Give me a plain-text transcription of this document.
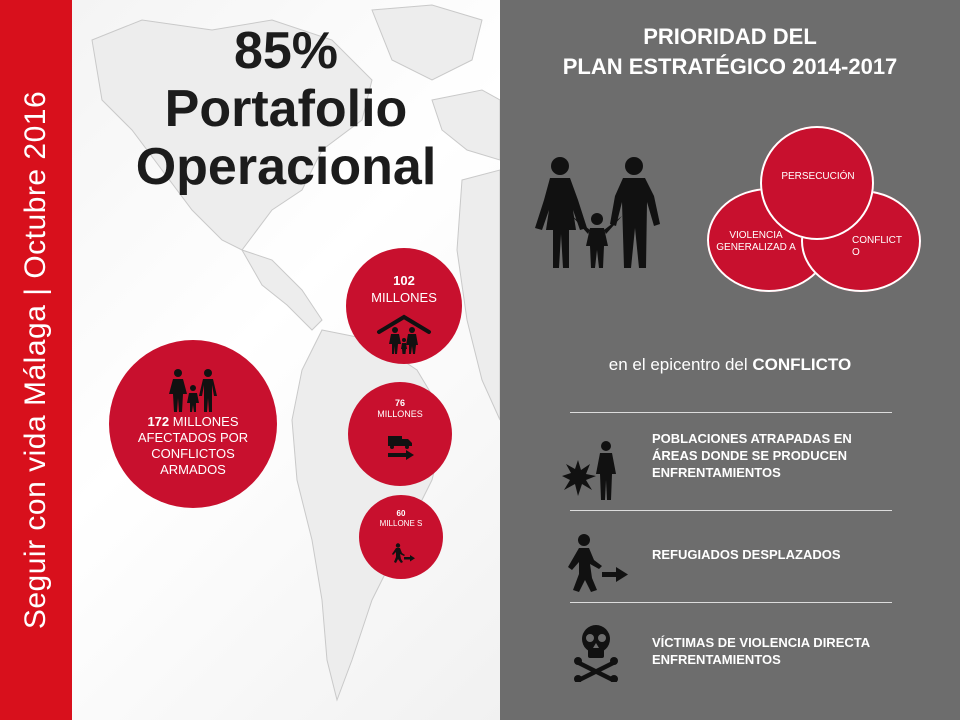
Seguir con vida Málaga | Octubre 2016
85%
Portafolio
Operacional
172 MILLONES AFECTADOS POR CONFLICTOS ARMADOS
102
MILLONES
76
MILLONES
60
MILLONE S
PRIORIDAD DEL
PLAN ESTRATÉGICO 2014-2017
PERSECUCIÓN
VIOLENCIA GENERALIZAD A
CONFLICT O
en el epicentro del CONFLICTO
POBLACIONES ATRAPADAS EN ÁREAS DONDE SE PRODUCEN ENFRENTAMIENTOS
REFUGIADOS DESPLAZADOS
VÍCTIMAS DE VIOLENCIA DIRECTA ENFRENTAMIENTOS
